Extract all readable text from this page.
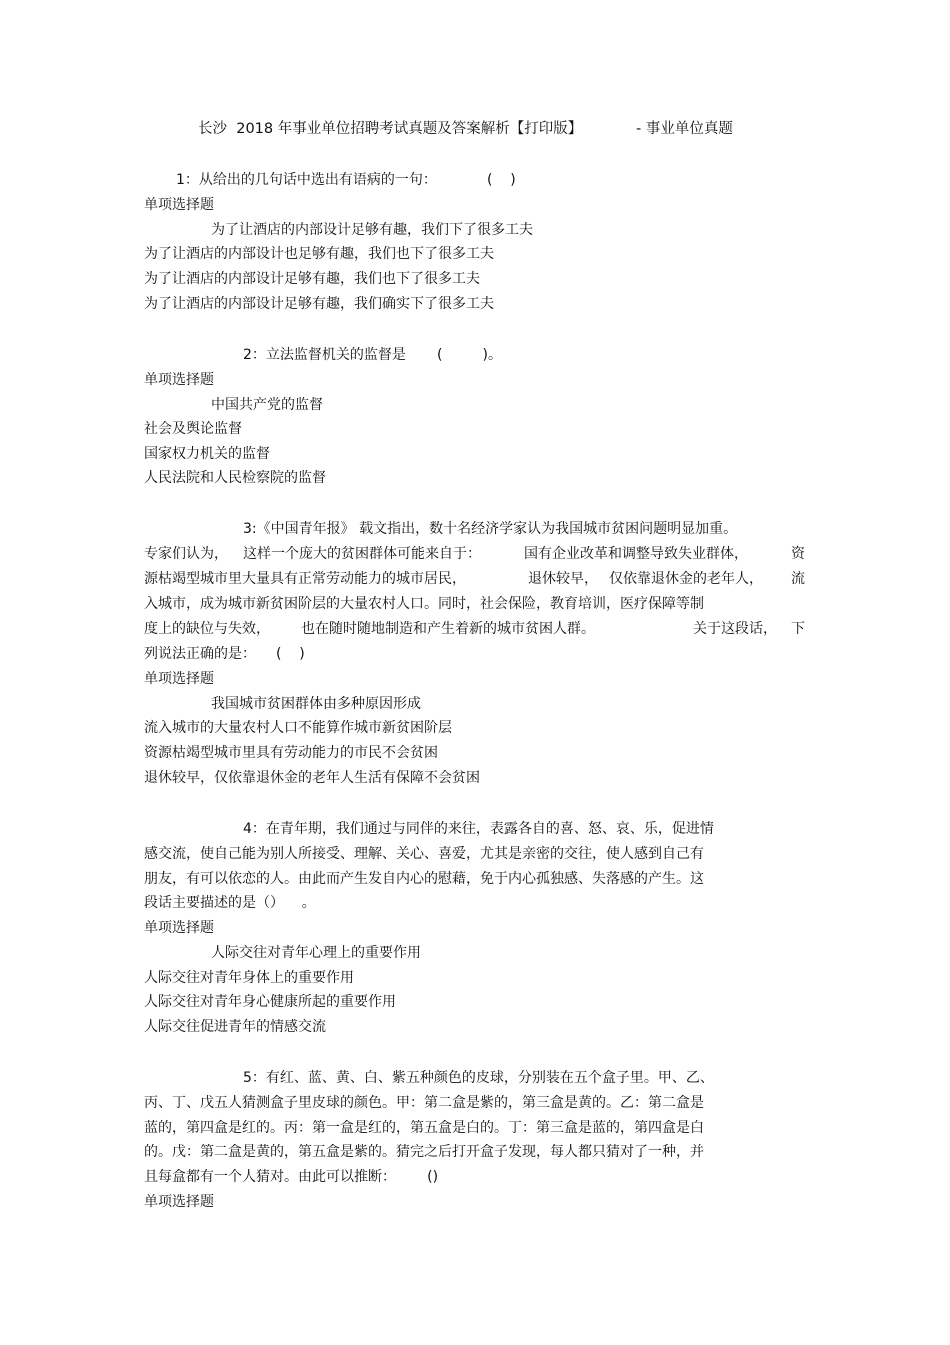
长沙  2018 年事业单位招聘考试真题及答案解析【打印版】	- 事业单位真题
1：从给出的几句话中选出有语病的一句：	(    )
单项选择题
为了让酒店的内部设计足够有趣，我们下了很多工夫
为了让酒店的内部设计也足够有趣，我们也下了很多工夫
为了让酒店的内部设计足够有趣，我们也下了很多工夫
为了让酒店的内部设计足够有趣，我们确实下了很多工夫
2：立法监督机关的监督是 (         )。
单项选择题
中国共产党的监督
社会及舆论监督
国家权力机关的监督
人民法院和人民检察院的监督
3:《中国青年报》 载文指出，数十名经济学家认为我国城市贫困问题明显加重。
专家们认为， 这样一个庞大的贫困群体可能来自于：	国有企业改革和调整导致失业群体，	资
源枯竭型城市里大量具有正常劳动能力的城市居民，	退休较早， 仅依靠退休金的老年人， 流
入城市，成为城市新贫困阶层的大量农村人口。同时，社会保险，教育培训，医疗保障等制
度上的缺位与失效， 也在随时随地制造和产生着新的城市贫困人群。	关于这段话， 下
列说法正确的是： (    )
单项选择题
我国城市贫困群体由多种原因形成
流入城市的大量农村人口不能算作城市新贫困阶层
资源枯竭型城市里具有劳动能力的市民不会贫困
退休较早，仅依靠退休金的老年人生活有保障不会贫困
4：在青年期，我们通过与同伴的来往，表露各自的喜、怒、哀、乐，促进情
感交流，使自己能为别人所接受、理解、关心、喜爱，尤其是亲密的交往，使人感到自己有
朋友，有可以依恋的人。由此而产生发自内心的慰藉，免于内心孤独感、失落感的产生。这
段话主要描述的是（）    。
单项选择题
人际交往对青年心理上的重要作用
人际交往对青年身体上的重要作用
人际交往对青年身心健康所起的重要作用
人际交往促进青年的情感交流
5：有红、蓝、黄、白、紫五种颜色的皮球，分别装在五个盒子里。甲、乙、
丙、丁、戊五人猜测盒子里皮球的颜色。甲：第二盒是紫的，第三盒是黄的。乙：第二盒是
蓝的，第四盒是红的。丙：第一盒是红的，第五盒是白的。丁：第三盒是蓝的，第四盒是白
的。戊：第二盒是黄的，第五盒是紫的。猜完之后打开盒子发现，每人都只猜对了一种，并
且每盒都有一个人猜对。由此可以推断：       ()
单项选择题
